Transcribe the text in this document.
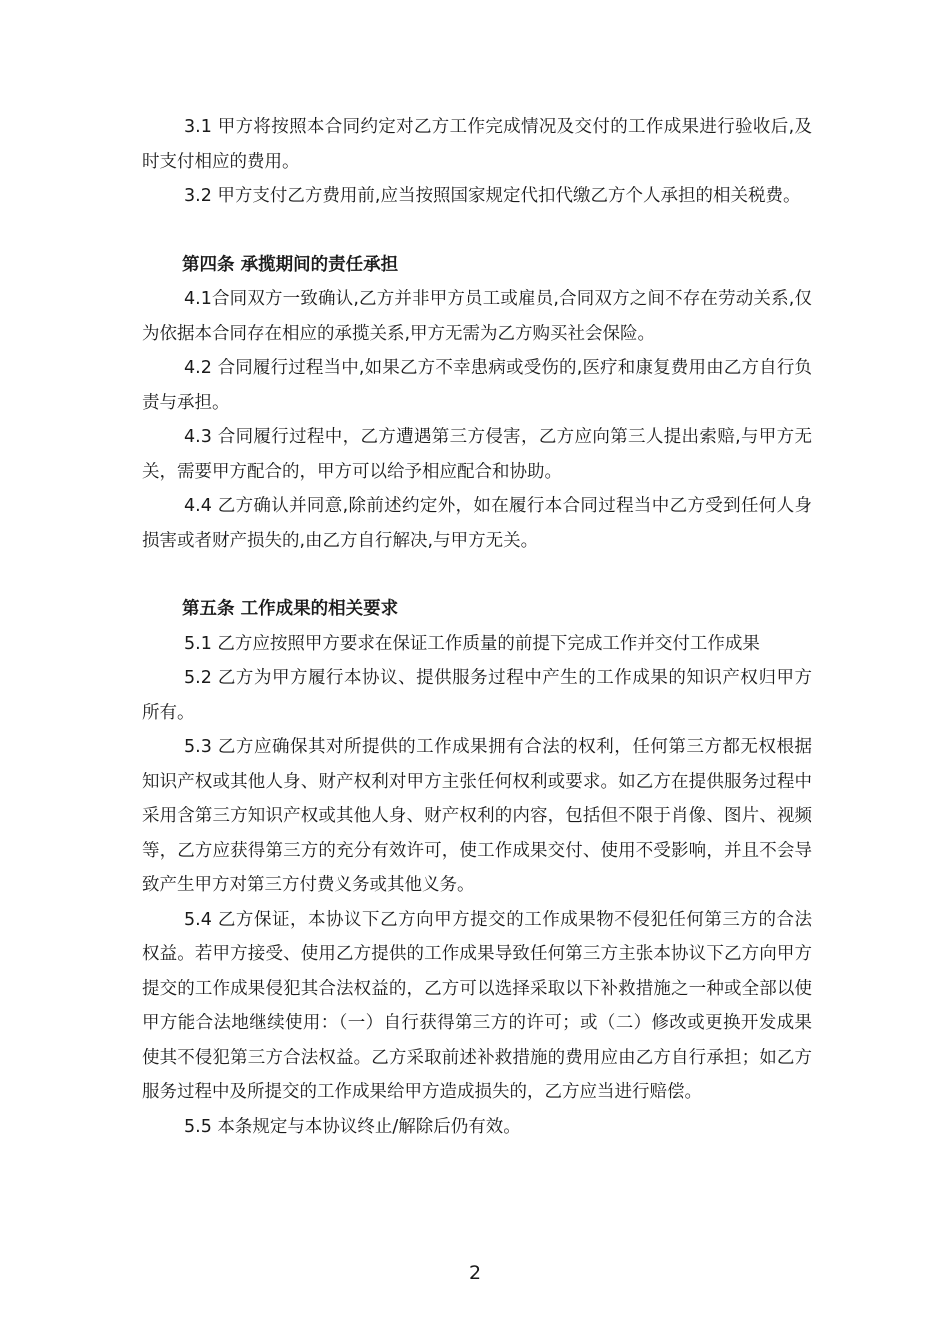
3.1 甲方将按照本合同约定对乙方工作完成情况及交付的工作成果进行验收后,及时支付相应的费用。

3.2 甲方支付乙方费用前,应当按照国家规定代扣代缴乙方个人承担的相关税费。

第四条 承揽期间的责任承担

4.1合同双方一致确认,乙方并非甲方员工或雇员,合同双方之间不存在劳动关系,仅为依据本合同存在相应的承揽关系,甲方无需为乙方购买社会保险。

4.2 合同履行过程当中,如果乙方不幸患病或受伤的,医疗和康复费用由乙方自行负责与承担。

4.3 合同履行过程中，乙方遭遇第三方侵害，乙方应向第三人提出索赔,与甲方无关，需要甲方配合的，甲方可以给予相应配合和协助。

4.4 乙方确认并同意,除前述约定外，如在履行本合同过程当中乙方受到任何人身损害或者财产损失的,由乙方自行解决,与甲方无关。

第五条 工作成果的相关要求

5.1 乙方应按照甲方要求在保证工作质量的前提下完成工作并交付工作成果

5.2 乙方为甲方履行本协议、提供服务过程中产生的工作成果的知识产权归甲方所有。

5.3 乙方应确保其对所提供的工作成果拥有合法的权利，任何第三方都无权根据知识产权或其他人身、财产权利对甲方主张任何权利或要求。如乙方在提供服务过程中采用含第三方知识产权或其他人身、财产权利的内容，包括但不限于肖像、图片、视频等，乙方应获得第三方的充分有效许可，使工作成果交付、使用不受影响，并且不会导致产生甲方对第三方付费义务或其他义务。

5.4 乙方保证，本协议下乙方向甲方提交的工作成果物不侵犯任何第三方的合法权益。若甲方接受、使用乙方提供的工作成果导致任何第三方主张本协议下乙方向甲方提交的工作成果侵犯其合法权益的，乙方可以选择采取以下补救措施之一种或全部以使甲方能合法地继续使用：（一）自行获得第三方的许可；或（二）修改或更换开发成果使其不侵犯第三方合法权益。乙方采取前述补救措施的费用应由乙方自行承担；如乙方服务过程中及所提交的工作成果给甲方造成损失的，乙方应当进行赔偿。

5.5 本条规定与本协议终止/解除后仍有效。

2
